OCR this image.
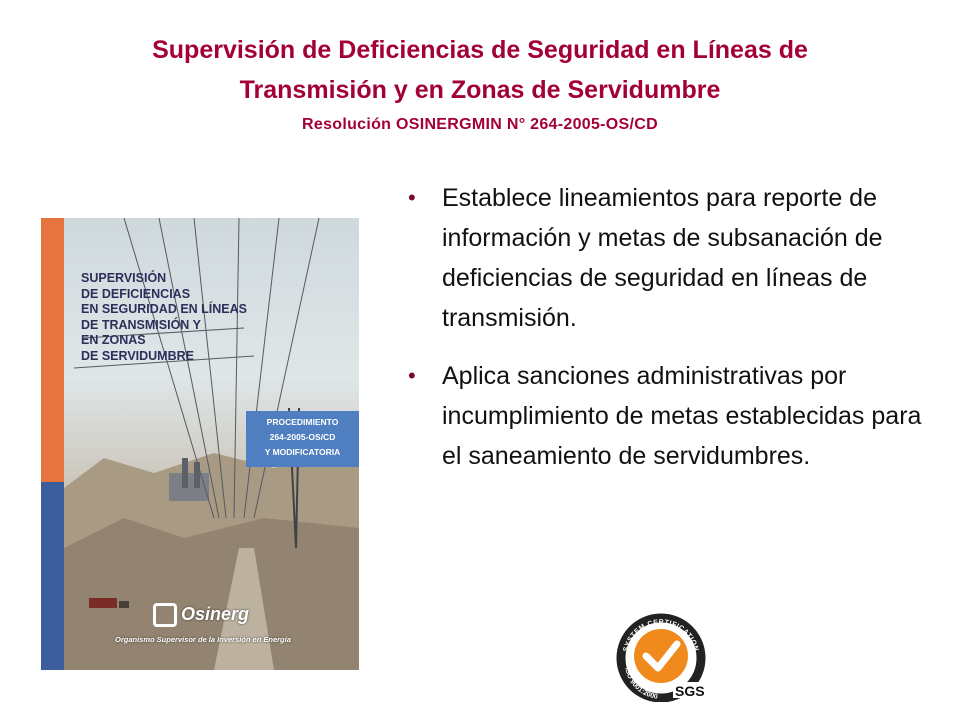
Supervisión de Deficiencias de Seguridad en Líneas de
Transmisión y en Zonas de Servidumbre
Resolución OSINERGMIN N° 264-2005-OS/CD
SUPERVISIÓN
DE DEFICIENCIAS
EN SEGURIDAD EN LÍNEAS
DE TRANSMISIÓN Y
EN ZONAS
DE SERVIDUMBRE
PROCEDIMIENTO
264-2005-OS/CD
Y MODIFICATORIA
Osinerg
Organismo Supervisor de la Inversión en Energía
• Establece lineamientos para reporte de información y metas de subsanación de deficiencias de seguridad en líneas de transmisión.
• Aplica sanciones administrativas por incumplimiento de metas establecidas para el saneamiento de servidumbres.
SYSTEM CERTIFICATION
ISO 9001:2000 SGS
